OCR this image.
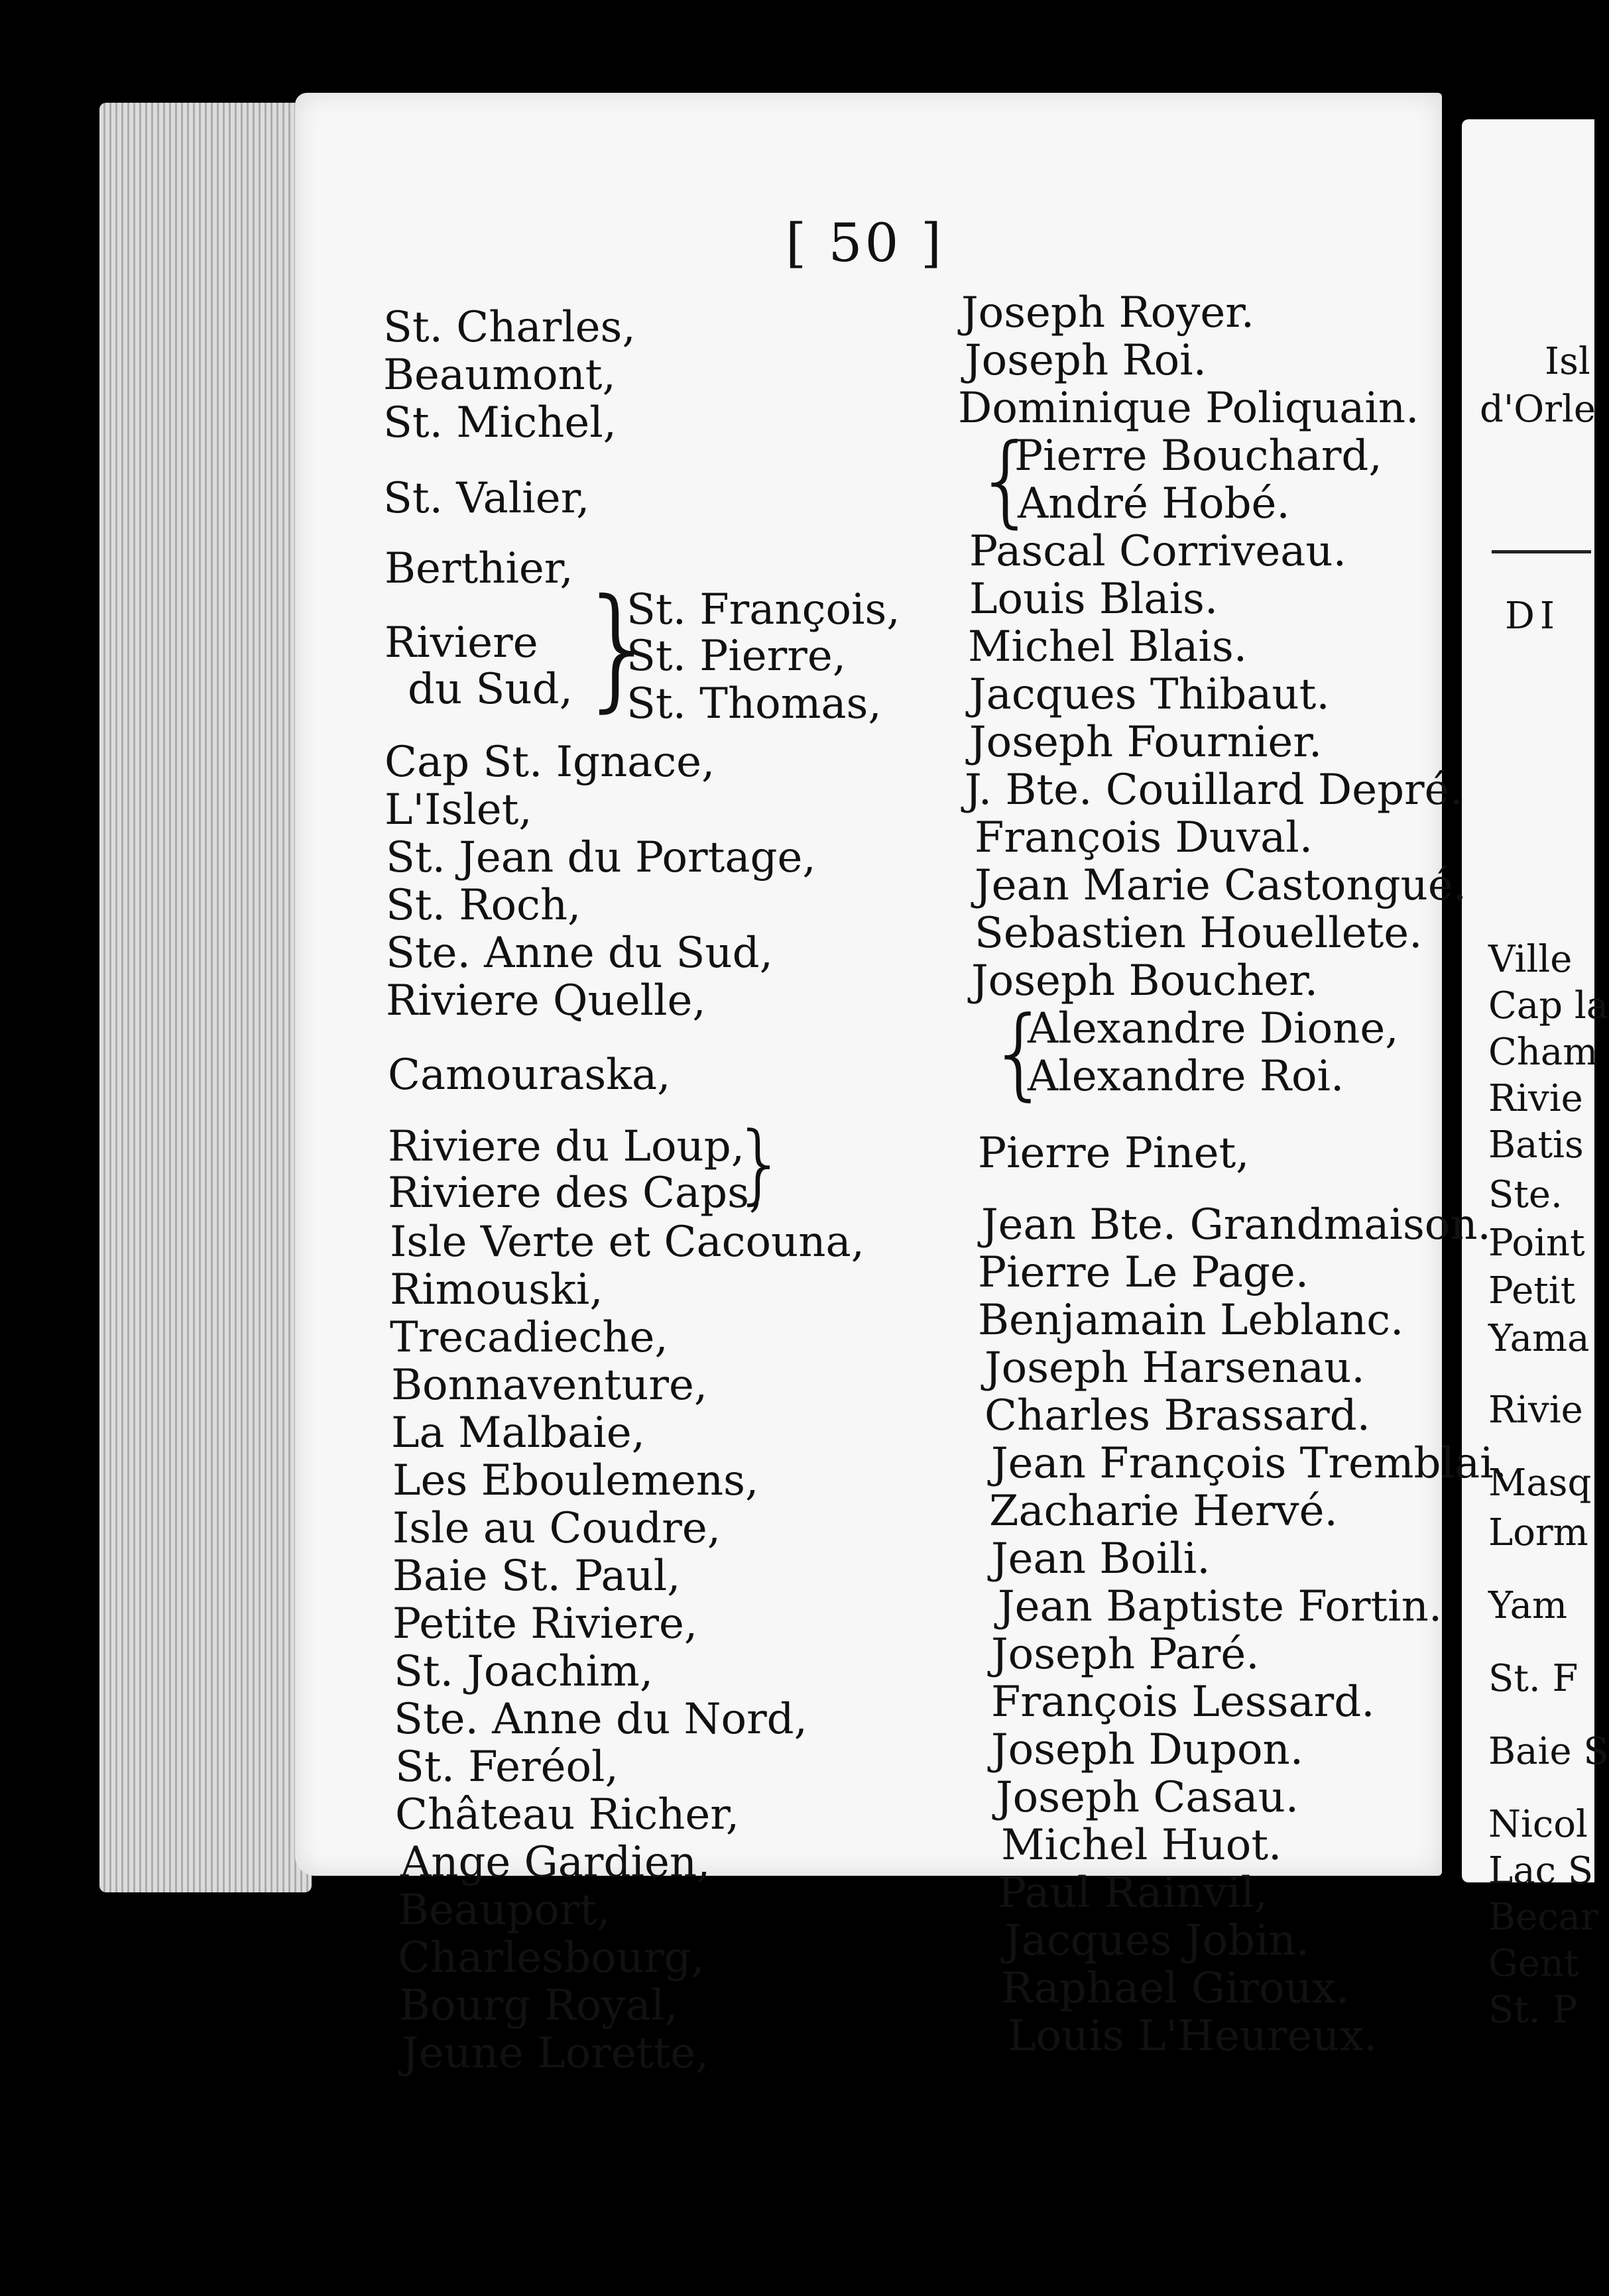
[ 50 ]
St. Charles,
Beaumont,
St. Michel,
St. Valier,
Berthier,
Riviere
du Sud, }
St. François,
St. Pierre,
St. Thomas,
Cap St. Ignace,
L'Islet,
St. Jean du Portage,
St. Roch,
Ste. Anne du Sud,
Riviere Quelle,
Camouraska,
Riviere du Loup,
Riviere des Caps,
}
Isle Verte et Cacouna,
Rimouski,
Trecadieche,
Bonnaventure,
La Malbaie,
Les Eboulemens,
Isle au Coudre,
Baie St. Paul,
Petite Riviere,
St. Joachim,
Ste. Anne du Nord,
St. Feréol,
Château Richer,
Ange Gardien,
Beauport,
Charlesbourg,
Bourg Royal,
Jeune Lorette,
Joseph Royer.
Joseph Roi.
Dominique Poliquain.
{
Pierre Bouchard,
André Hobé.
Pascal Corriveau.
Louis Blais.
Michel Blais.
Jacques Thibaut.
Joseph Fournier.
J. Bte. Couillard Depré.
François Duval.
Jean Marie Castongué.
Sebastien Houellete.
Joseph Boucher.
{
Alexandre Dione,
Alexandre Roi.
Pierre Pinet,
Jean Bte. Grandmaison.
Pierre Le Page.
Benjamain Leblanc.
Joseph Harsenau.
Charles Brassard.
Jean François Tremblai.
Zacharie Hervé.
Jean Boili.
Jean Baptiste Fortin.
Joseph Paré.
François Lessard.
Joseph Dupon.
Joseph Casau.
Michel Huot.
Paul Rainvil,
Jacques Jobin.
Raphael Giroux.
Louis L'Heureux.
Isl
d'Orle
DI
Ville
Cap la
Cham
Rivie
Batis
Ste.
Point
Petit
Yama
Rivie
Masq
Lorm
Yam
St. F
Baie S
Nicol
Lac S
Becar
Gent
St. P
